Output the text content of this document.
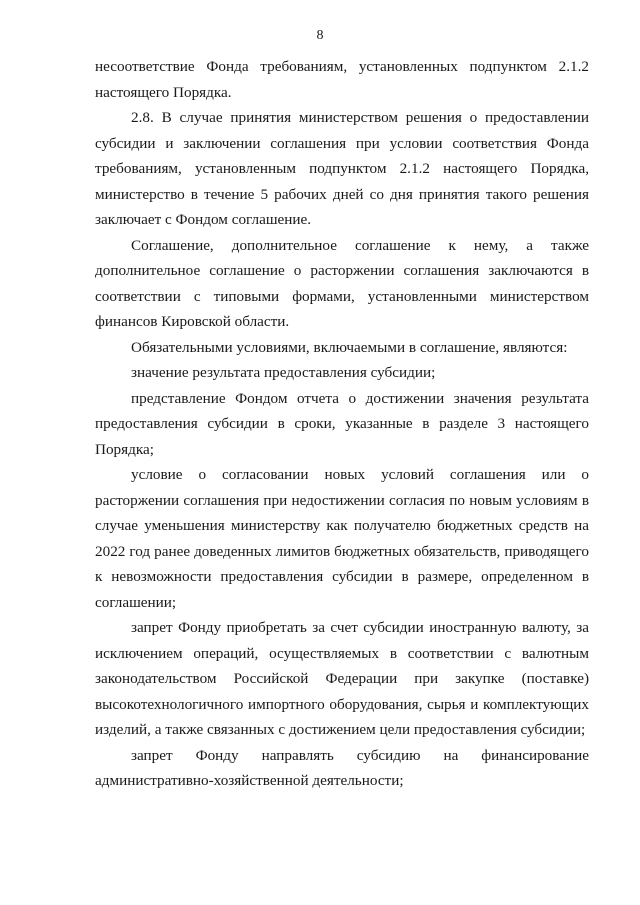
8

несоответствие Фонда требованиям, установленных подпунктом 2.1.2 настоящего Порядка.

2.8. В случае принятия министерством решения о предоставлении субсидии и заключении соглашения при условии соответствия Фонда требованиям, установленным подпунктом 2.1.2 настоящего Порядка, министерство в течение 5 рабочих дней со дня принятия такого решения заключает с Фондом соглашение.

Соглашение, дополнительное соглашение к нему, а также дополнительное соглашение о расторжении соглашения заключаются в соответствии с типовыми формами, установленными министерством финансов Кировской области.

Обязательными условиями, включаемыми в соглашение, являются:

значение результата предоставления субсидии;

представление Фондом отчета о достижении значения результата предоставления субсидии в сроки, указанные в разделе 3 настоящего Порядка;

условие о согласовании новых условий соглашения или о расторжении соглашения при недостижении согласия по новым условиям в случае уменьшения министерству как получателю бюджетных средств на 2022 год ранее доведенных лимитов бюджетных обязательств, приводящего к невозможности предоставления субсидии в размере, определенном в соглашении;

запрет Фонду приобретать за счет субсидии иностранную валюту, за исключением операций, осуществляемых в соответствии с валютным законодательством Российской Федерации при закупке (поставке) высокотехнологичного импортного оборудования, сырья и комплектующих изделий, а также связанных с достижением цели предоставления субсидии;

запрет Фонду направлять субсидию на финансирование административно-хозяйственной деятельности;
